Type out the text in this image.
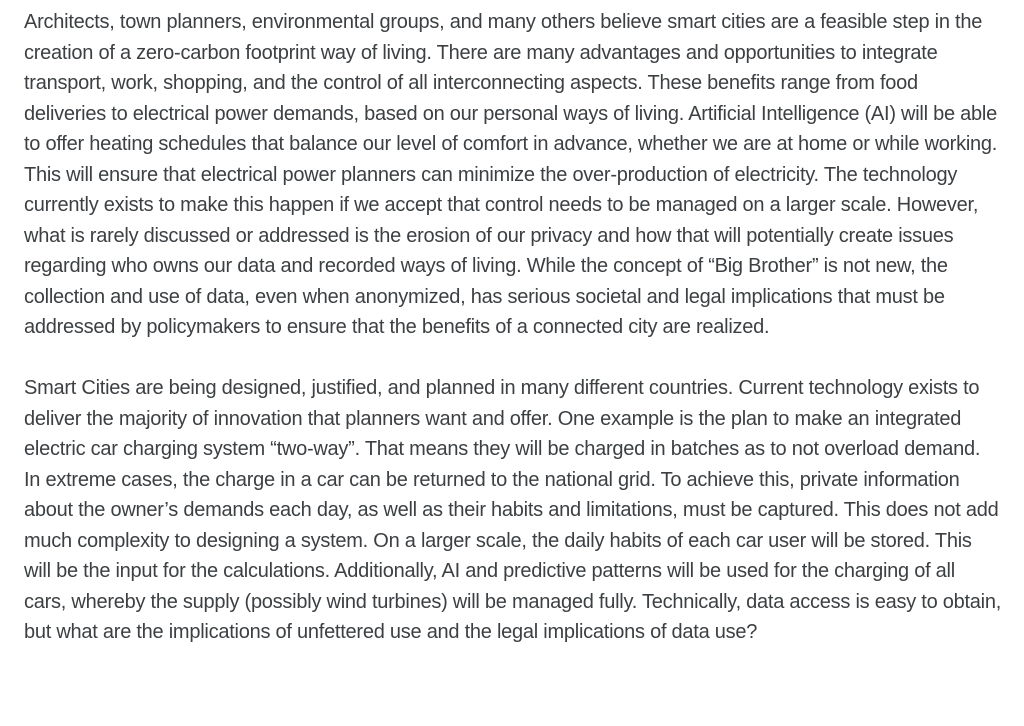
Architects, town planners, environmental groups, and many others believe smart cities are a feasible step in the creation of a zero-carbon footprint way of living. There are many advantages and opportunities to integrate transport, work, shopping, and the control of all interconnecting aspects. These benefits range from food deliveries to electrical power demands, based on our personal ways of living. Artificial Intelligence (AI) will be able to offer heating schedules that balance our level of comfort in advance, whether we are at home or while working. This will ensure that electrical power planners can minimize the over-production of electricity. The technology currently exists to make this happen if we accept that control needs to be managed on a larger scale. However, what is rarely discussed or addressed is the erosion of our privacy and how that will potentially create issues regarding who owns our data and recorded ways of living. While the concept of “Big Brother” is not new, the collection and use of data, even when anonymized, has serious societal and legal implications that must be addressed by policymakers to ensure that the benefits of a connected city are realized.

Smart Cities are being designed, justified, and planned in many different countries. Current technology exists to deliver the majority of innovation that planners want and offer. One example is the plan to make an integrated electric car charging system “two-way”. That means they will be charged in batches as to not overload demand.  In extreme cases, the charge in a car can be returned to the national grid. To achieve this, private information about the owner’s demands each day, as well as their habits and limitations, must be captured. This does not add much complexity to designing a system. On a larger scale, the daily habits of each car user will be stored. This will be the input for the calculations. Additionally, AI and predictive patterns will be used for the charging of all cars, whereby the supply (possibly wind turbines) will be managed fully. Technically, data access is easy to obtain, but what are the implications of unfettered use and the legal implications of data use?
